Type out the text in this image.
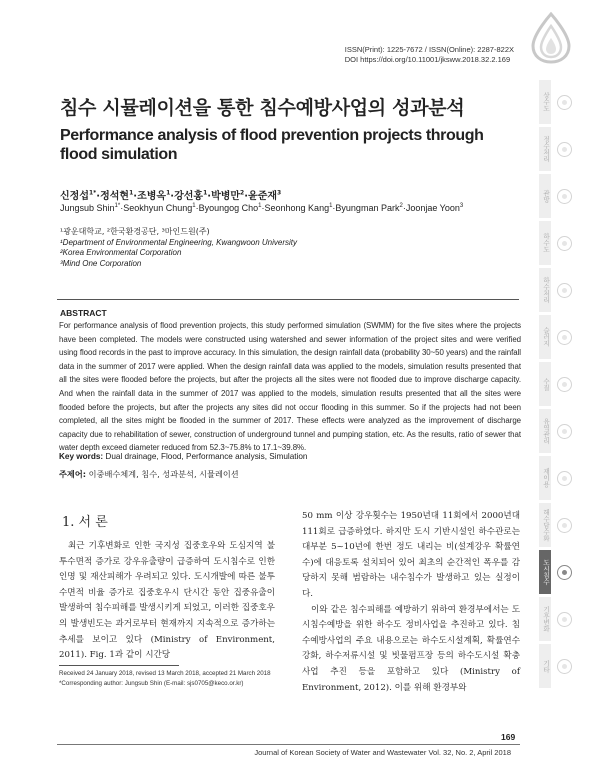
ISSN(Print): 1225-7672 / ISSN(Online): 2287-822X
DOI https://doi.org/10.11001/jksww.2018.32.2.169
침수 시뮬레이션을 통한 침수예방사업의 성과분석
Performance analysis of flood prevention projects through flood simulation
신정섭$^{1*}$·정석현$^1$·조병옥$^1$·강선홍$^1$·박병만$^2$·윤준재$^3$
Jungsub Shin$^{1*}$·Seokhyun Chung$^1$·Byoungog Cho$^1$·Seonhong Kang$^1$·Byungman Park$^2$·Joonjae Yoon$^3$
¹광운대학교, ²한국환경공단, ³마인드원(주)
¹Department of Environmental Engineering, Kwangwoon University
²Korea Environmental Corporation
³Mind One Corporation
ABSTRACT
For performance analysis of flood prevention projects, this study performed simulation (SWMM) for the five sites where the projects have been completed. The models were constructed using watershed and sewer information of the project sites and were verified using flood records in the past to improve accuracy. In this simulation, the design rainfall data (probability 30~50 years) and the rainfall data in the summer of 2017 were applied. When the design rainfall data was applied to the models, simulation results presented that all the sites were flooded before the projects, but after the projects all the sites were not flooded due to improve discharge capacity. And when the rainfall data in the summer of 2017 was applied to the models, simulation results presented that all the sites were flooded before the projects, but after the projects any sites did not occur flooding in this summer. So if the projects had not been completed, all the sites might be flooded in the summer of 2017. These effects were analyzed as the improvement of discharge capacity due to rehabilitation of sewer, construction of underground tunnel and pumping station, etc. As the results, ratio of sewer that water depth exceed diameter reduced from 52.3~75.8% to 17.1~39.8%.
Key words: Dual drainage, Flood, Performance analysis, Simulation
주제어: 이중배수체계, 침수, 성과분석, 시뮬레이션
1. 서 론
최근 기후변화로 인한 국지성 집중호우와 도심지역 불투수면적 증가로 강우유출량이 급증하여 도시침수로 인한 인명 및 재산피해가 우려되고 있다. 도시개발에 따른 불투수면적 비율 증가로 집중호우시 단시간 동안 집중유출이 발생하여 침수피해를 발생시키게 되었고, 이러한 집중호우의 발생빈도는 과거로부터 현재까지 지속적으로 증가하는 추세를 보이고 있다 (Ministry of Environment, 2011). Fig. 1과 같이 시간당

50 mm 이상 강우횟수는 1950년대 11회에서 2000년대 111회로 급증하였다. 하지만 도시 기반시설인 하수관로는 대부분 5~10년에 한번 정도 내리는 비(설계강우 확률연수)에 대응토록 설치되어 있어 최초의 순간적인 폭우를 감당하지 못해 범람하는 내수침수가 발생하고 있는 실정이다.

이와 같은 침수피해를 예방하기 위하여 환경부에서는 도시침수예방을 위한 하수도 정비사업을 추진하고 있다. 침수예방사업의 주요 내용으로는 하수도시설계획, 확률연수 강화, 하수저류시설 및 빗물펌프장 등의 하수도시설 확충사업 추진 등을 포함하고 있다 (Ministry of Environment, 2012). 이를 위해 환경부와

Received 24 January 2018, revised 13 March 2018, accepted 21 March 2018
*Corresponding author: Jungsub Shin (E-mail: sjs0705@keco.or.kr)
169
Journal of Korean Society of Water and Wastewater Vol. 32, No. 2, April 2018
상수도
정수처리
관망
하수도
하수처리
슬러지
수질
유역관리
재이용
해수담수화
도시침수
기후변화
기타
